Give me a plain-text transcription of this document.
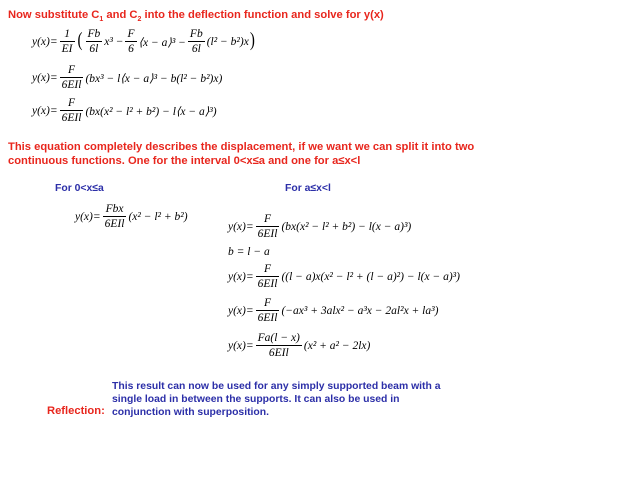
Now substitute $C_1$ and $C_2$ into the deflection function and solve for y(x)
$y(x)= \frac{1}{EI}$ ( $\frac{Fb}{6l} x^3 - \frac{F}{6}$ ⟨x − a⟩³ − $\frac{Fb}{6l} (l^2 - b^2)x$ )
$y(x)= \frac{F}{\text{6EIl}} (bx^3$ − l⟨x − a⟩³ − b(l² − b²)x)
$y(x)= \frac{F}{\text{6EIl}} (bx(x^2 - l^2 + b^2)$ − l⟨x − a⟩³)
This equation completely describes the displacement, if we want we can split it into two
continuous functions. One for the interval 0<x≤a and one for a≤x<l
For 0<x≤a	For a≤x<l
$y(x)= \frac{\text{Fbx}}{\text{6EIl}} (x^2 - l^2 + b^2)$
$y(x)= \frac{F}{\text{6EIl}} (bx(x^2 - l^2 + b^2) - l(x - a)^3)$
b = l − a
$y(x)= \frac{F}{\text{6EIl}} ((l - a)x(x^2 - l^2 + (l - a)^2) - l(x - a)^3)$
$y(x)= \frac{F}{\text{6EIl}} (-ax^3 + 3alx^2 - a^3x - 2al^2x + la^3)$
$y(x)= \frac{Fa(l - x)}{\text{6EIl}} (x^2 + a^2 - 2lx)$
This result can now be used for any simply supported beam with a
single load in between the supports. It can also be used in
conjunction with superposition.
Reflection:
